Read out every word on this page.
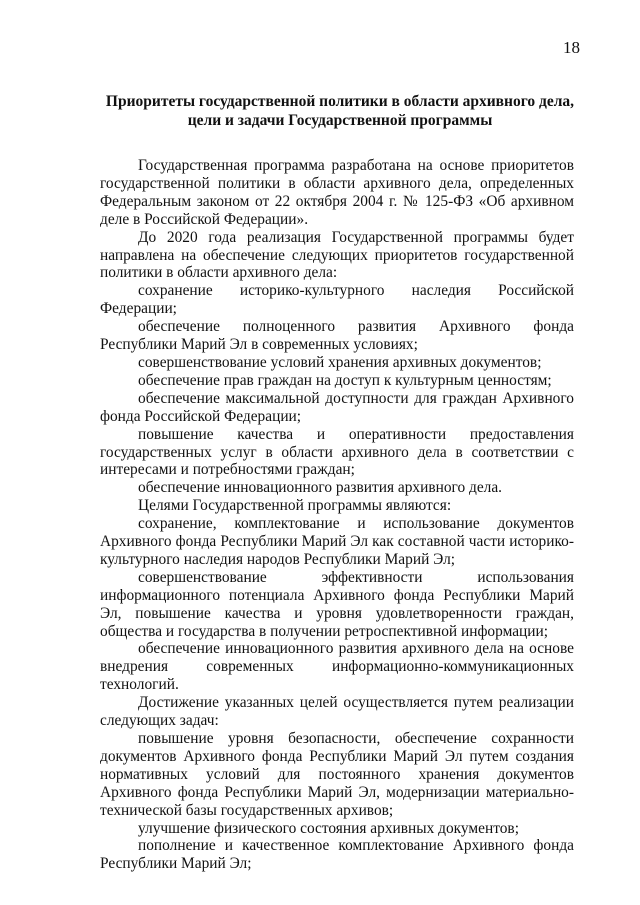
18
Приоритеты государственной политики в области архивного дела,
цели и задачи Государственной программы

Государственная программа разработана на основе приоритетов государственной политики в области архивного дела, определенных Федеральным законом от 22 октября 2004 г. № 125-ФЗ «Об архивном деле в Российской Федерации».

До 2020 года реализация Государственной программы будет направлена на обеспечение следующих приоритетов государственной политики в области архивного дела:

сохранение историко-культурного наследия Российской Федерации;

обеспечение полноценного развития Архивного фонда Республики Марий Эл в современных условиях;

совершенствование условий хранения архивных документов;

обеспечение прав граждан на доступ к культурным ценностям;

обеспечение максимальной доступности для граждан Архивного фонда Российской Федерации;

повышение качества и оперативности предоставления государственных услуг в области архивного дела в соответствии с интересами и потребностями граждан;

обеспечение инновационного развития архивного дела.

Целями Государственной программы являются:

сохранение, комплектование и использование документов Архивного фонда Республики Марий Эл как составной части историко-культурного наследия народов Республики Марий Эл;

совершенствование эффективности использования информационного потенциала Архивного фонда Республики Марий Эл, повышение качества и уровня удовлетворенности граждан, общества и государства в получении ретроспективной информации;

обеспечение инновационного развития архивного дела на основе внедрения современных информационно-коммуникационных технологий.

Достижение указанных целей осуществляется путем реализации следующих задач:

повышение уровня безопасности, обеспечение сохранности документов Архивного фонда Республики Марий Эл путем создания нормативных условий для постоянного хранения документов Архивного фонда Республики Марий Эл, модернизации материально-технической базы государственных архивов;

улучшение физического состояния архивных документов;

пополнение и качественное комплектование Архивного фонда Республики Марий Эл;
